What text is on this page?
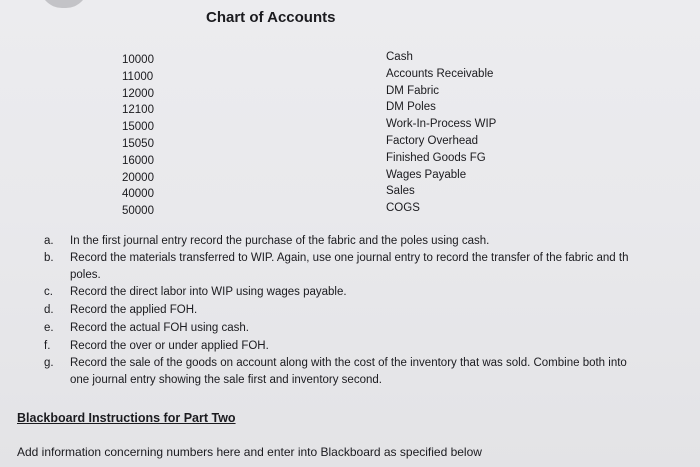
Chart of Accounts
10000
11000
12000
12100
15000
15050
16000
20000
40000
50000
Cash
Accounts Receivable
DM Fabric
DM Poles
Work-In-Process WIP
Factory Overhead
Finished Goods FG
Wages Payable
Sales
COGS
a. In the first journal entry record the purchase of the fabric and the poles using cash.
b. Record the materials transferred to WIP. Again, use one journal entry to record the transfer of the fabric and th
poles.
c. Record the direct labor into WIP using wages payable.
d. Record the applied FOH.
e. Record the actual FOH using cash.
f. Record the over or under applied FOH.
g. Record the sale of the goods on account along with the cost of the inventory that was sold. Combine both into
one journal entry showing the sale first and inventory second.
Blackboard Instructions for Part Two
Add information concerning numbers here and enter into Blackboard as specified below
